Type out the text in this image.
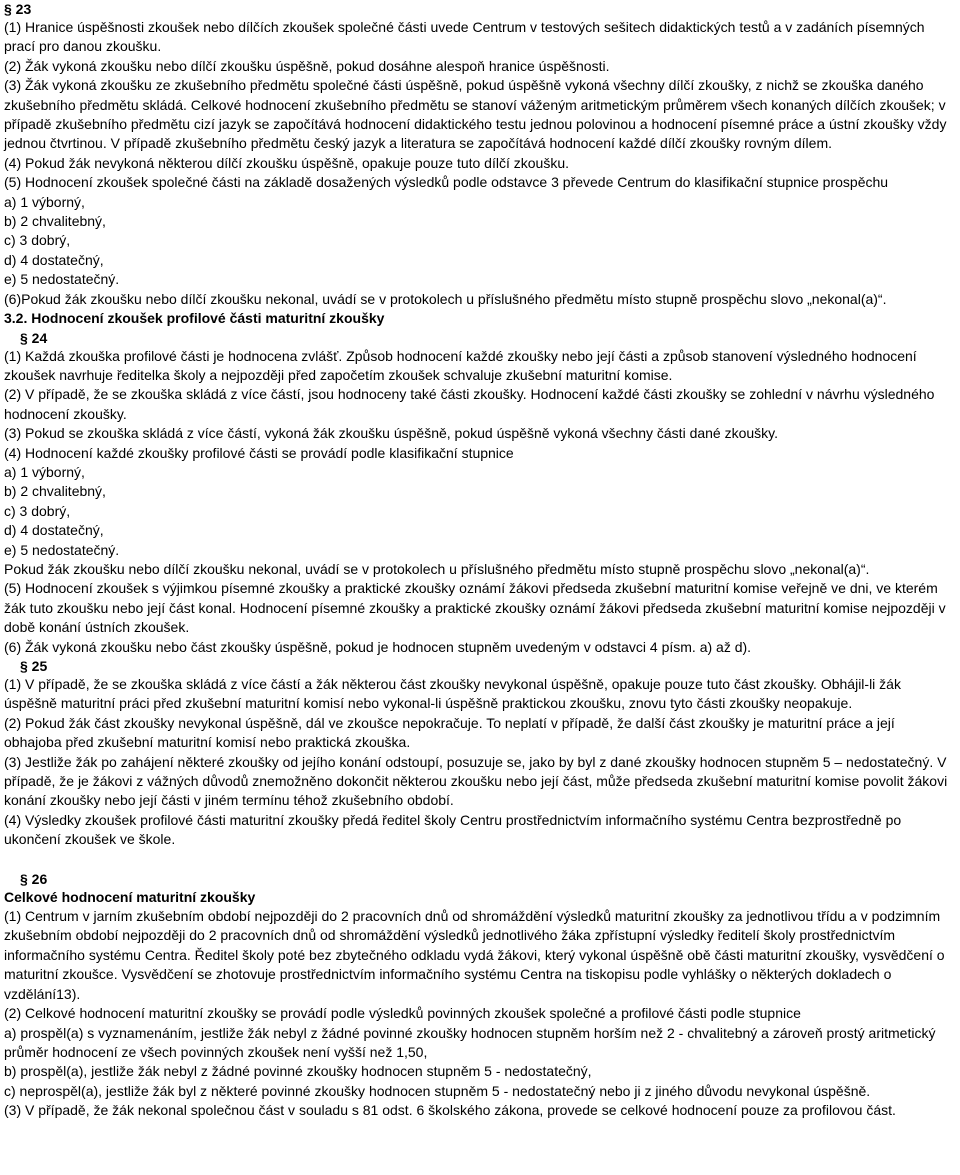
§ 23

(1) Hranice úspěšnosti zkoušek nebo dílčích zkoušek společné části uvede Centrum v testových sešitech didaktických testů a v zadáních písemných prací pro danou zkoušku.

(2) Žák vykoná zkoušku nebo dílčí zkoušku úspěšně, pokud dosáhne alespoň hranice úspěšnosti.

(3) Žák vykoná zkoušku ze zkušebního předmětu společné části úspěšně, pokud úspěšně vykoná všechny dílčí zkoušky, z nichž se zkouška daného zkušebního předmětu skládá. Celkové hodnocení zkušebního předmětu se stanoví váženým aritmetickým průměrem všech konaných dílčích zkoušek; v případě zkušebního předmětu cizí jazyk se započítává hodnocení didaktického testu jednou polovinou a hodnocení písemné práce a ústní zkoušky vždy jednou čtvrtinou. V případě zkušebního předmětu český jazyk a literatura se započítává hodnocení každé dílčí zkoušky rovným dílem.

(4) Pokud žák nevykoná některou dílčí zkoušku úspěšně, opakuje pouze tuto dílčí zkoušku.

(5) Hodnocení zkoušek společné části na základě dosažených výsledků podle odstavce 3 převede Centrum do klasifikační stupnice prospěchu

a) 1 výborný,

b) 2 chvalitebný,

c) 3 dobrý,

d) 4 dostatečný,

e) 5 nedostatečný.

(6)Pokud žák zkoušku nebo dílčí zkoušku nekonal, uvádí se v protokolech u příslušného předmětu místo stupně prospěchu slovo „nekonal(a)“.

3.2. Hodnocení zkoušek profilové části maturitní zkoušky
§ 24

(1) Každá zkouška profilové části je hodnocena zvlášť. Způsob hodnocení každé zkoušky nebo její části a způsob stanovení výsledného hodnocení zkoušek navrhuje ředitelka školy a nejpozději před započetím zkoušek schvaluje zkušební maturitní komise.

(2) V případě, že se zkouška skládá z více částí, jsou hodnoceny také části zkoušky. Hodnocení každé části zkoušky se zohlední v návrhu výsledného hodnocení zkoušky.

(3) Pokud se zkouška skládá z více částí, vykoná žák zkoušku úspěšně, pokud úspěšně vykoná všechny části dané zkoušky.

(4) Hodnocení každé zkoušky profilové části se provádí podle klasifikační stupnice

a) 1 výborný,

b) 2 chvalitebný,

c) 3 dobrý,

d) 4 dostatečný,

e) 5 nedostatečný.

Pokud žák zkoušku nebo dílčí zkoušku nekonal, uvádí se v protokolech u příslušného předmětu místo stupně prospěchu slovo „nekonal(a)“.

(5) Hodnocení zkoušek s výjimkou písemné zkoušky a praktické zkoušky oznámí žákovi předseda zkušební maturitní komise veřejně ve dni, ve kterém žák tuto zkoušku nebo její část konal. Hodnocení písemné zkoušky a praktické zkoušky oznámí žákovi předseda zkušební maturitní komise nejpozději v době konání ústních zkoušek.

(6) Žák vykoná zkoušku nebo část zkoušky úspěšně, pokud je hodnocen stupněm uvedeným v odstavci 4 písm. a) až d).

§ 25

(1) V případě, že se zkouška skládá z více částí a žák některou část zkoušky nevykonal úspěšně, opakuje pouze tuto část zkoušky. Obhájil-li žák úspěšně maturitní práci před zkušební maturitní komisí nebo vykonal-li úspěšně praktickou zkoušku, znovu tyto části zkoušky neopakuje.

(2) Pokud žák část zkoušky nevykonal úspěšně, dál ve zkoušce nepokračuje. To neplatí v případě, že další část zkoušky je maturitní práce a její obhajoba před zkušební maturitní komisí nebo praktická zkouška.

(3) Jestliže žák po zahájení některé zkoušky od jejího konání odstoupí, posuzuje se, jako by byl z dané zkoušky hodnocen stupněm 5 – nedostatečný. V případě, že je žákovi z vážných důvodů znemožněno dokončit některou zkoušku nebo její část, může předseda zkušební maturitní komise povolit žákovi konání zkoušky nebo její části v jiném termínu téhož zkušebního období.

(4) Výsledky zkoušek profilové části maturitní zkoušky předá ředitel školy Centru prostřednictvím informačního systému Centra bezprostředně po ukončení zkoušek ve škole.

§ 26
Celkové hodnocení maturitní zkoušky

(1) Centrum v jarním zkušebním období nejpozději do 2 pracovních dnů od shromáždění výsledků maturitní zkoušky za jednotlivou třídu a v podzimním zkušebním období nejpozději do 2 pracovních dnů od shromáždění výsledků jednotlivého žáka zpřístupní výsledky ředitelí školy prostřednictvím informačního systému Centra. Ředitel školy poté bez zbytečného odkladu vydá žákovi, který vykonal úspěšně obě části maturitní zkoušky, vysvědčení o maturitní zkoušce. Vysvědčení se zhotovuje prostřednictvím informačního systému Centra na tiskopisu podle vyhlášky o některých dokladech o vzdělání13).

(2) Celkové hodnocení maturitní zkoušky se provádí podle výsledků povinných zkoušek společné a profilové části podle stupnice

a) prospěl(a) s vyznamenáním, jestliže žák nebyl z žádné povinné zkoušky hodnocen stupněm horším než 2 - chvalitebný a zároveň prostý aritmetický průměr hodnocení ze všech povinných zkoušek není vyšší než 1,50,

b) prospěl(a), jestliže žák nebyl z žádné povinné zkoušky hodnocen stupněm 5 - nedostatečný,

c) neprospěl(a), jestliže žák byl z některé povinné zkoušky hodnocen stupněm 5 - nedostatečný nebo ji z jiného důvodu nevykonal úspěšně.

(3) V případě, že žák nekonal společnou část v souladu s 81 odst. 6 školského zákona, provede se celkové hodnocení pouze za profilovou část.
